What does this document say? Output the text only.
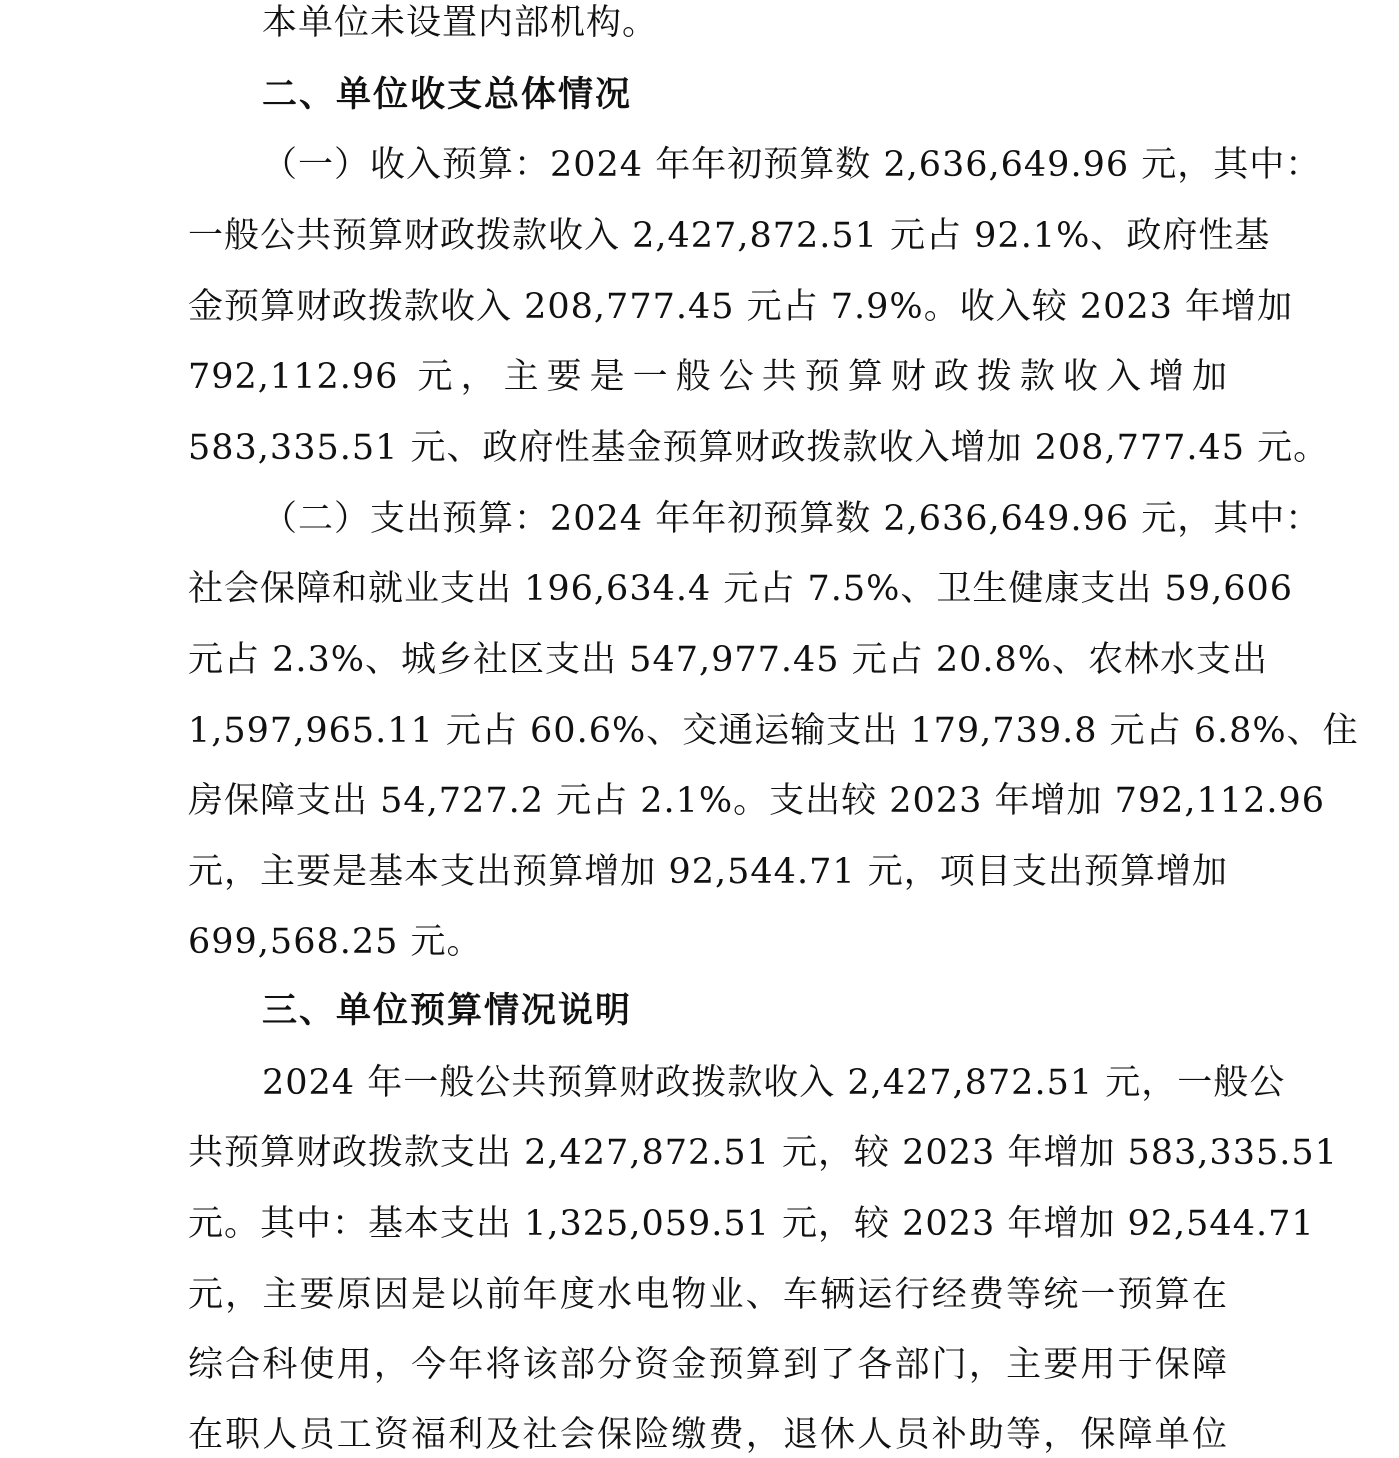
本单位未设置内部机构。
二、单位收支总体情况
（一）收入预算：2024 年年初预算数 2,636,649.96 元，其中：
一般公共预算财政拨款收入 2,427,872.51 元占 92.1%、政府性基
金预算财政拨款收入 208,777.45 元占 7.9%。收入较 2023 年增加
792,112.96 元，主要是一般公共预算财政拨款收入增加
583,335.51 元、政府性基金预算财政拨款收入增加 208,777.45 元。
（二）支出预算：2024 年年初预算数 2,636,649.96 元，其中：
社会保障和就业支出 196,634.4 元占 7.5%、卫生健康支出 59,606
元占 2.3%、城乡社区支出 547,977.45 元占 20.8%、农林水支出
1,597,965.11 元占 60.6%、交通运输支出 179,739.8 元占 6.8%、住
房保障支出 54,727.2 元占 2.1%。支出较 2023 年增加 792,112.96
元，主要是基本支出预算增加 92,544.71 元，项目支出预算增加
699,568.25 元。
三、单位预算情况说明
2024 年一般公共预算财政拨款收入 2,427,872.51 元，一般公
共预算财政拨款支出 2,427,872.51 元，较 2023 年增加 583,335.51
元。其中：基本支出 1,325,059.51 元，较 2023 年增加 92,544.71
元，主要原因是以前年度水电物业、车辆运行经费等统一预算在
综合科使用，今年将该部分资金预算到了各部门，主要用于保障
在职人员工资福利及社会保险缴费，退休人员补助等，保障单位
